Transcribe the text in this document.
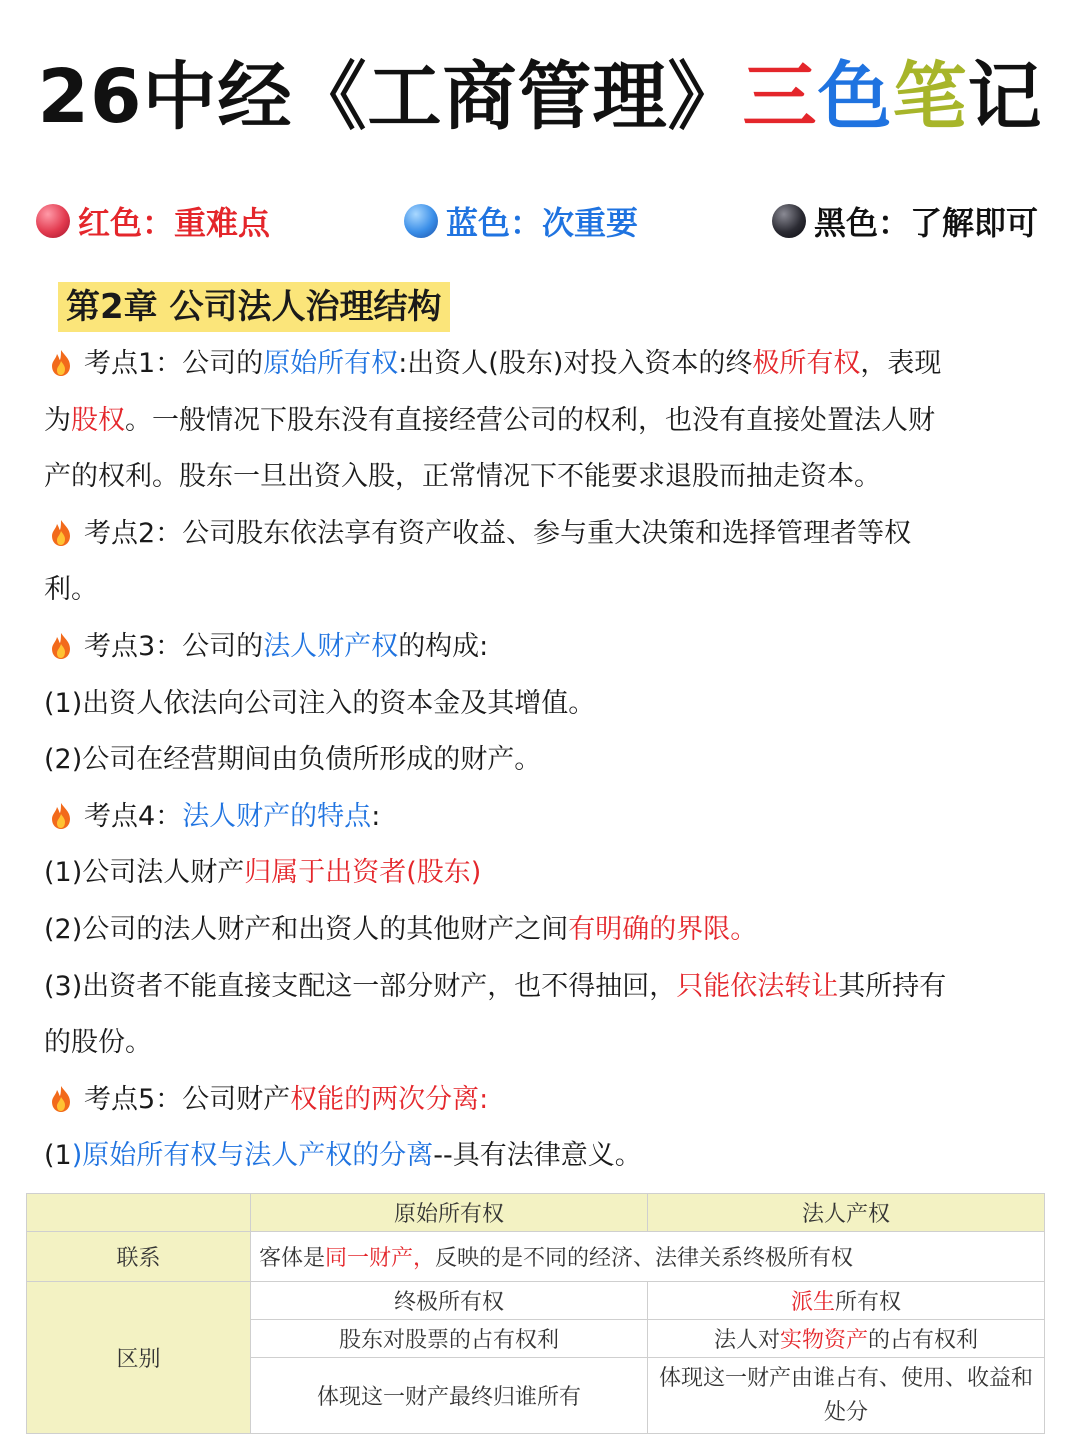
26中经《工商管理》三色笔记
红色：重难点	蓝色：次重要	黑色：了解即可
第2章 公司法人治理结构
考点1：公司的原始所有权:出资人(股东)对投入资本的终极所有权，表现
为股权。一般情况下股东没有直接经营公司的权利，也没有直接处置法人财
产的权利。股东一旦出资入股，正常情况下不能要求退股而抽走资本。
考点2：公司股东依法享有资产收益、参与重大决策和选择管理者等权
利。
考点3：公司的法人财产权的构成:
(1)出资人依法向公司注入的资本金及其增值。
(2)公司在经营期间由负债所形成的财产。
考点4：法人财产的特点:
(1)公司法人财产归属于出资者(股东)
(2)公司的法人财产和出资人的其他财产之间有明确的界限。
(3)出资者不能直接支配这一部分财产，也不得抽回，只能依法转让其所持有
的股份。
考点5：公司财产权能的两次分离:
(1)原始所有权与法人产权的分离--具有法律意义。
	原始所有权	法人产权
联系	客体是同一财产，反映的是不同的经济、法律关系终极所有权	
区别	终极所有权	派生所有权
	股东对股票的占有权利	法人对实物资产的占有权利
	体现这一财产最终归谁所有	体现这一财产由谁占有、使用、收益和
处分
